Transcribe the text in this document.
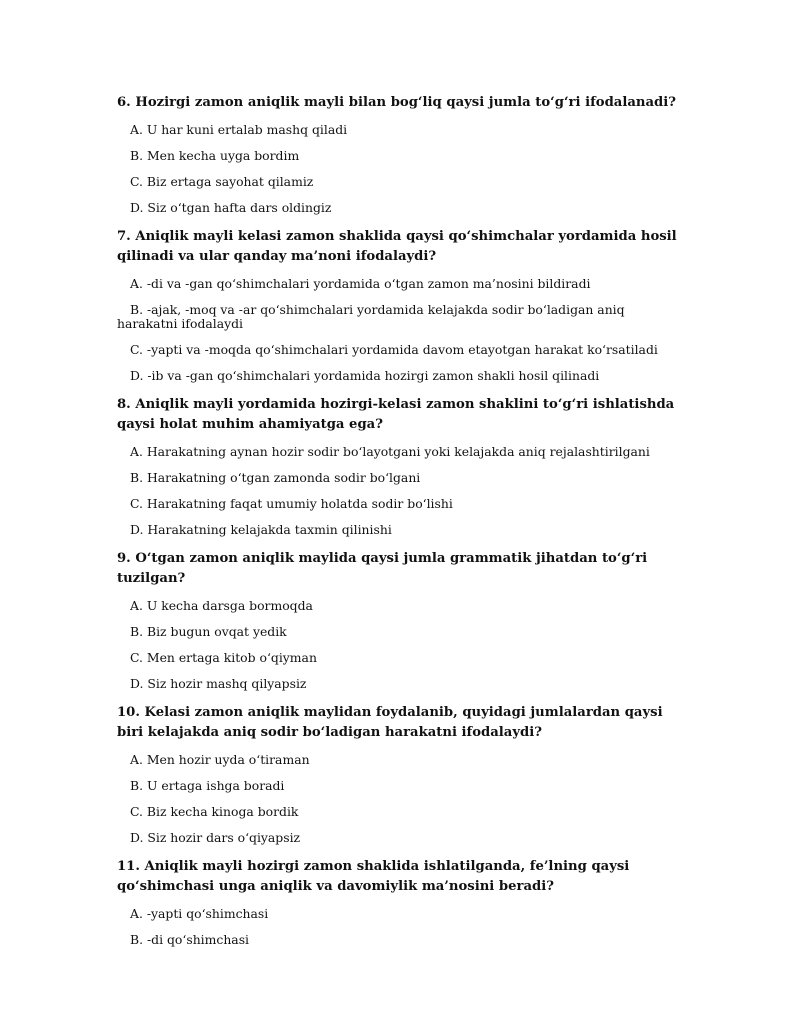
6. Hozirgi zamon aniqlik mayli bilan bog‘liq qaysi jumla to‘g‘ri ifodalanadi?
A. U har kuni ertalab mashq qiladi
B. Men kecha uyga bordim
C. Biz ertaga sayohat qilamiz
D. Siz o‘tgan hafta dars oldingiz
7. Aniqlik mayli kelasi zamon shaklida qaysi qo‘shimchalar yordamida hosil qilinadi va ular qanday ma’noni ifodalaydi?
A. -di va -gan qo‘shimchalari yordamida o‘tgan zamon ma’nosini bildiradi
B. -ajak, -moq va -ar qo‘shimchalari yordamida kelajakda sodir bo‘ladigan aniq harakatni ifodalaydi
C. -yapti va -moqda qo‘shimchalari yordamida davom etayotgan harakat ko‘rsatiladi
D. -ib va -gan qo‘shimchalari yordamida hozirgi zamon shakli hosil qilinadi
8. Aniqlik mayli yordamida hozirgi-kelasi zamon shaklini to‘g‘ri ishlatishda qaysi holat muhim ahamiyatga ega?
A. Harakatning aynan hozir sodir bo‘layotgani yoki kelajakda aniq rejalashtirilgani
B. Harakatning o‘tgan zamonda sodir bo‘lgani
C. Harakatning faqat umumiy holatda sodir bo‘lishi
D. Harakatning kelajakda taxmin qilinishi
9. O‘tgan zamon aniqlik maylida qaysi jumla grammatik jihatdan to‘g‘ri tuzilgan?
A. U kecha darsga bormoqda
B. Biz bugun ovqat yedik
C. Men ertaga kitob o‘qiyman
D. Siz hozir mashq qilyapsiz
10. Kelasi zamon aniqlik maylidan foydalanib, quyidagi jumlalardan qaysi biri kelajakda aniq sodir bo‘ladigan harakatni ifodalaydi?
A. Men hozir uyda o‘tiraman
B. U ertaga ishga boradi
C. Biz kecha kinoga bordik
D. Siz hozir dars o‘qiyapsiz
11. Aniqlik mayli hozirgi zamon shaklida ishlatilganda, fe’lning qaysi qo‘shimchasi unga aniqlik va davomiylik ma’nosini beradi?
A. -yapti qo‘shimchasi
B. -di qo‘shimchasi
